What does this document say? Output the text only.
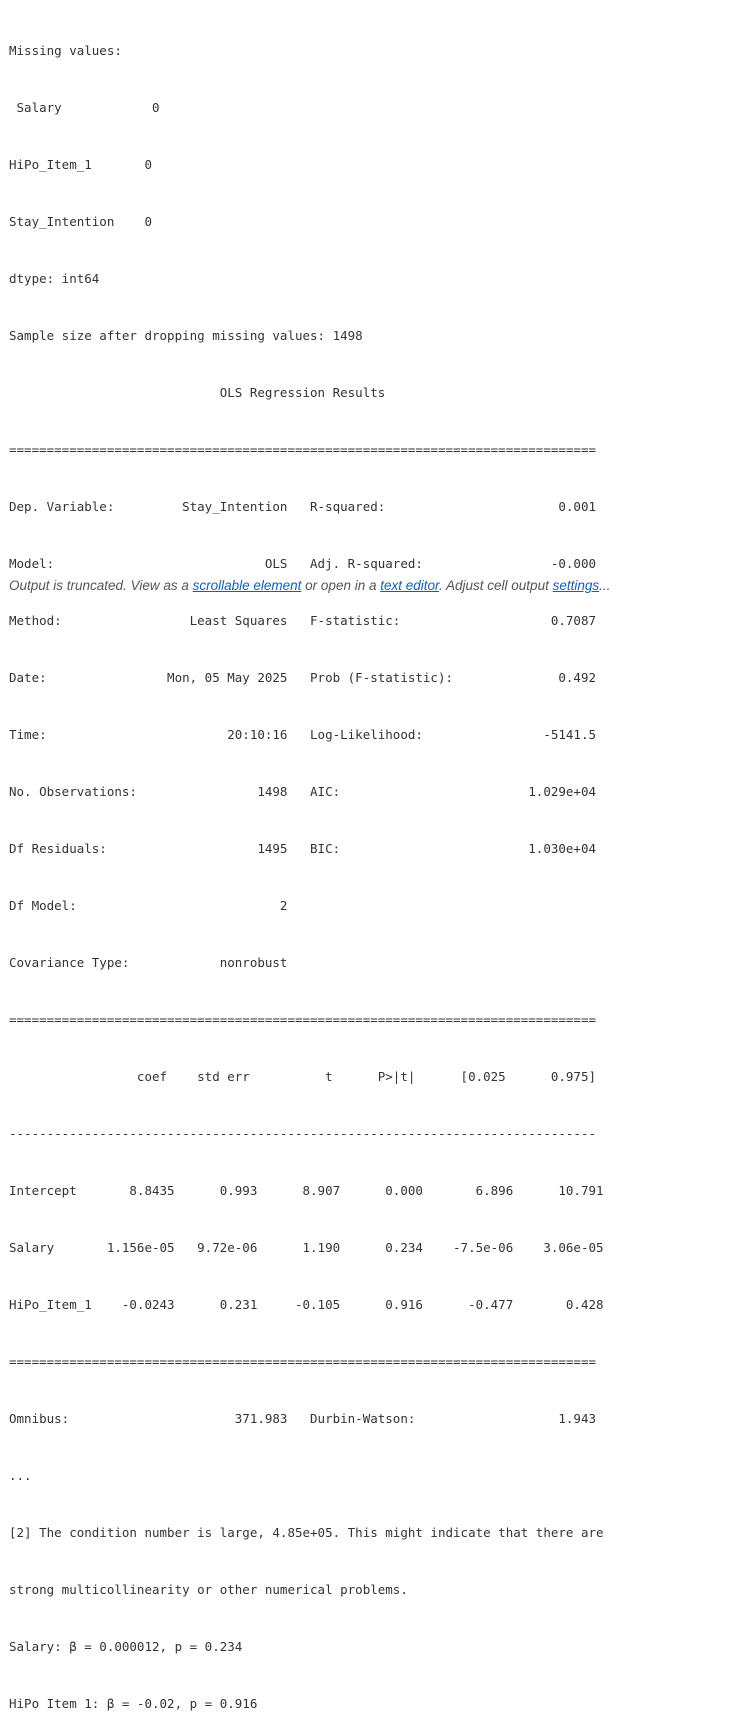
Missing values:

Salary            0

HiPo_Item_1       0

Stay_Intention    0

dtype: int64

Sample size after dropping missing values: 1498

OLS Regression Results

==============================================================================

Dep. Variable:         Stay_Intention   R-squared:                       0.001

Model:                            OLS   Adj. R-squared:                 -0.000

Method:                 Least Squares   F-statistic:                    0.7087

Date:                Mon, 05 May 2025   Prob (F-statistic):              0.492

Time:                        20:10:16   Log-Likelihood:                -5141.5

No. Observations:                1498   AIC:                         1.029e+04

Df Residuals:                    1495   BIC:                         1.030e+04

Df Model:                           2

Covariance Type:            nonrobust

==============================================================================

coef    std err          t      P>|t|      [0.025      0.975]

------------------------------------------------------------------------------

Intercept       8.8435      0.993      8.907      0.000       6.896      10.791

Salary       1.156e-05   9.72e-06      1.190      0.234    -7.5e-06    3.06e-05

HiPo_Item_1    -0.0243      0.231     -0.105      0.916      -0.477       0.428

==============================================================================

Omnibus:                      371.983   Durbin-Watson:                   1.943

...

[2] The condition number is large, 4.85e+05. This might indicate that there are

strong multicollinearity or other numerical problems.

Salary: β = 0.000012, p = 0.234

HiPo Item 1: β = -0.02, p = 0.916

Output is truncated. View as a scrollable element or open in a text editor. Adjust cell output settings...
